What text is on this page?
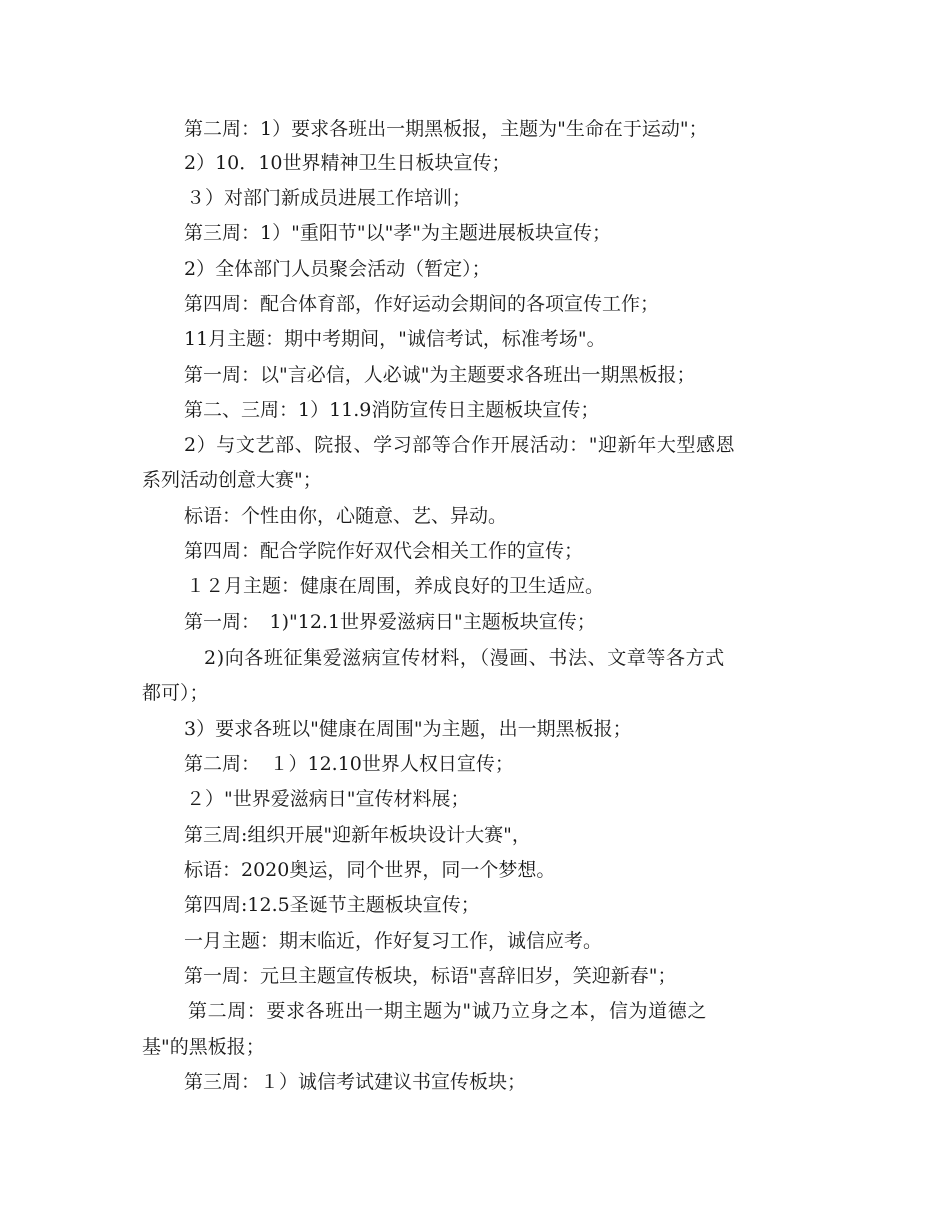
第二周：1）要求各班出一期黑板报，主题为"生命在于运动"；
2）10．10世界精神卫生日板块宣传；
３）对部门新成员进展工作培训；
第三周：1）"重阳节"以"孝"为主题进展板块宣传；
2）全体部门人员聚会活动（暂定）；
第四周：配合体育部，作好运动会期间的各项宣传工作；
11月主题：期中考期间，"诚信考试，标准考场"。
第一周：以"言必信，人必诚"为主题要求各班出一期黑板报；
第二、三周：1）11.9消防宣传日主题板块宣传；
2）与文艺部、院报、学习部等合作开展活动："迎新年大型感恩
系列活动创意大赛"；
标语：个性由你，心随意、艺、异动。
第四周：配合学院作好双代会相关工作的宣传；
１２月主题：健康在周围，养成良好的卫生适应。
第一周：　1)"12.1世界爱滋病日"主题板块宣传；
2)向各班征集爱滋病宣传材料，（漫画、书法、文章等各方式
都可）；
3）要求各班以"健康在周围"为主题，出一期黑板报；
第二周：　１）12.10世界人权日宣传；
２）"世界爱滋病日"宣传材料展；
第三周:组织开展"迎新年板块设计大赛"，
标语：2020奥运，同个世界，同一个梦想。
第四周:12.5圣诞节主题板块宣传；
一月主题：期末临近，作好复习工作，诚信应考。
第一周：元旦主题宣传板块，标语"喜辞旧岁，笑迎新春"；
第二周：要求各班出一期主题为"诚乃立身之本，信为道德之
基"的黑板报；
第三周：１）诚信考试建议书宣传板块；
